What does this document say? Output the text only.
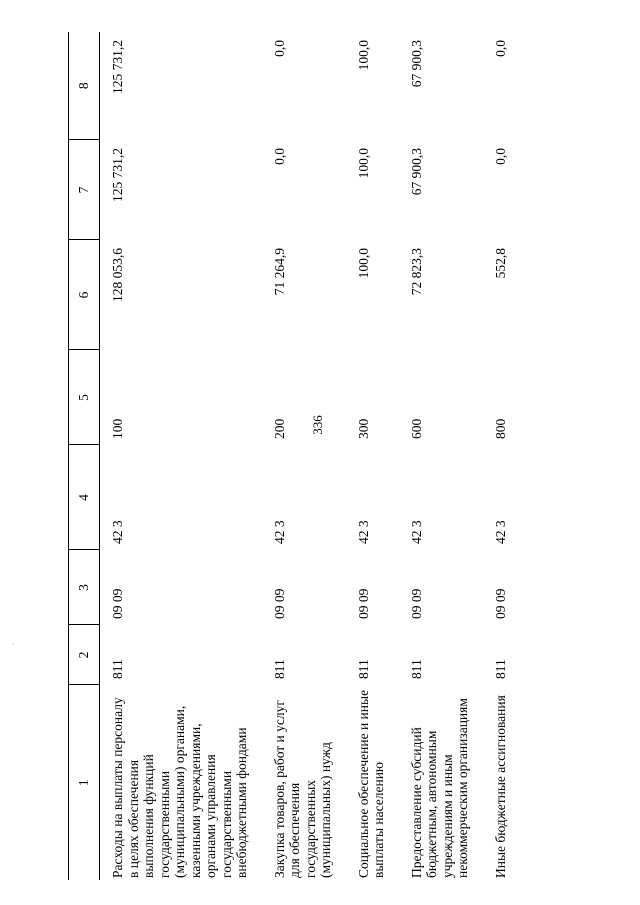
336
·
1	2	3	4	5	6	7	8
Расходы на выплаты персоналу в целях обеспечения выполнения функций государственными (муниципальными) органами, казенными учреждениями, органами управления государственными внебюджетными фондами	811	09 09	42 3	100	128 053,6	125 731,2	125 731,2
Закупка товаров, работ и услуг для обеспечения государственных (муниципальных) нужд	811	09 09	42 3	200	71 264,9	0,0	0,0
Социальное обеспечение и иные выплаты населению	811	09 09	42 3	300	100,0	100,0	100,0
Предоставление субсидий бюджетным, автономным учреждениям и иным некоммерческим организациям	811	09 09	42 3	600	72 823,3	67 900,3	67 900,3
Иные бюджетные ассигнования	811	09 09	42 3	800	552,8	0,0	0,0
